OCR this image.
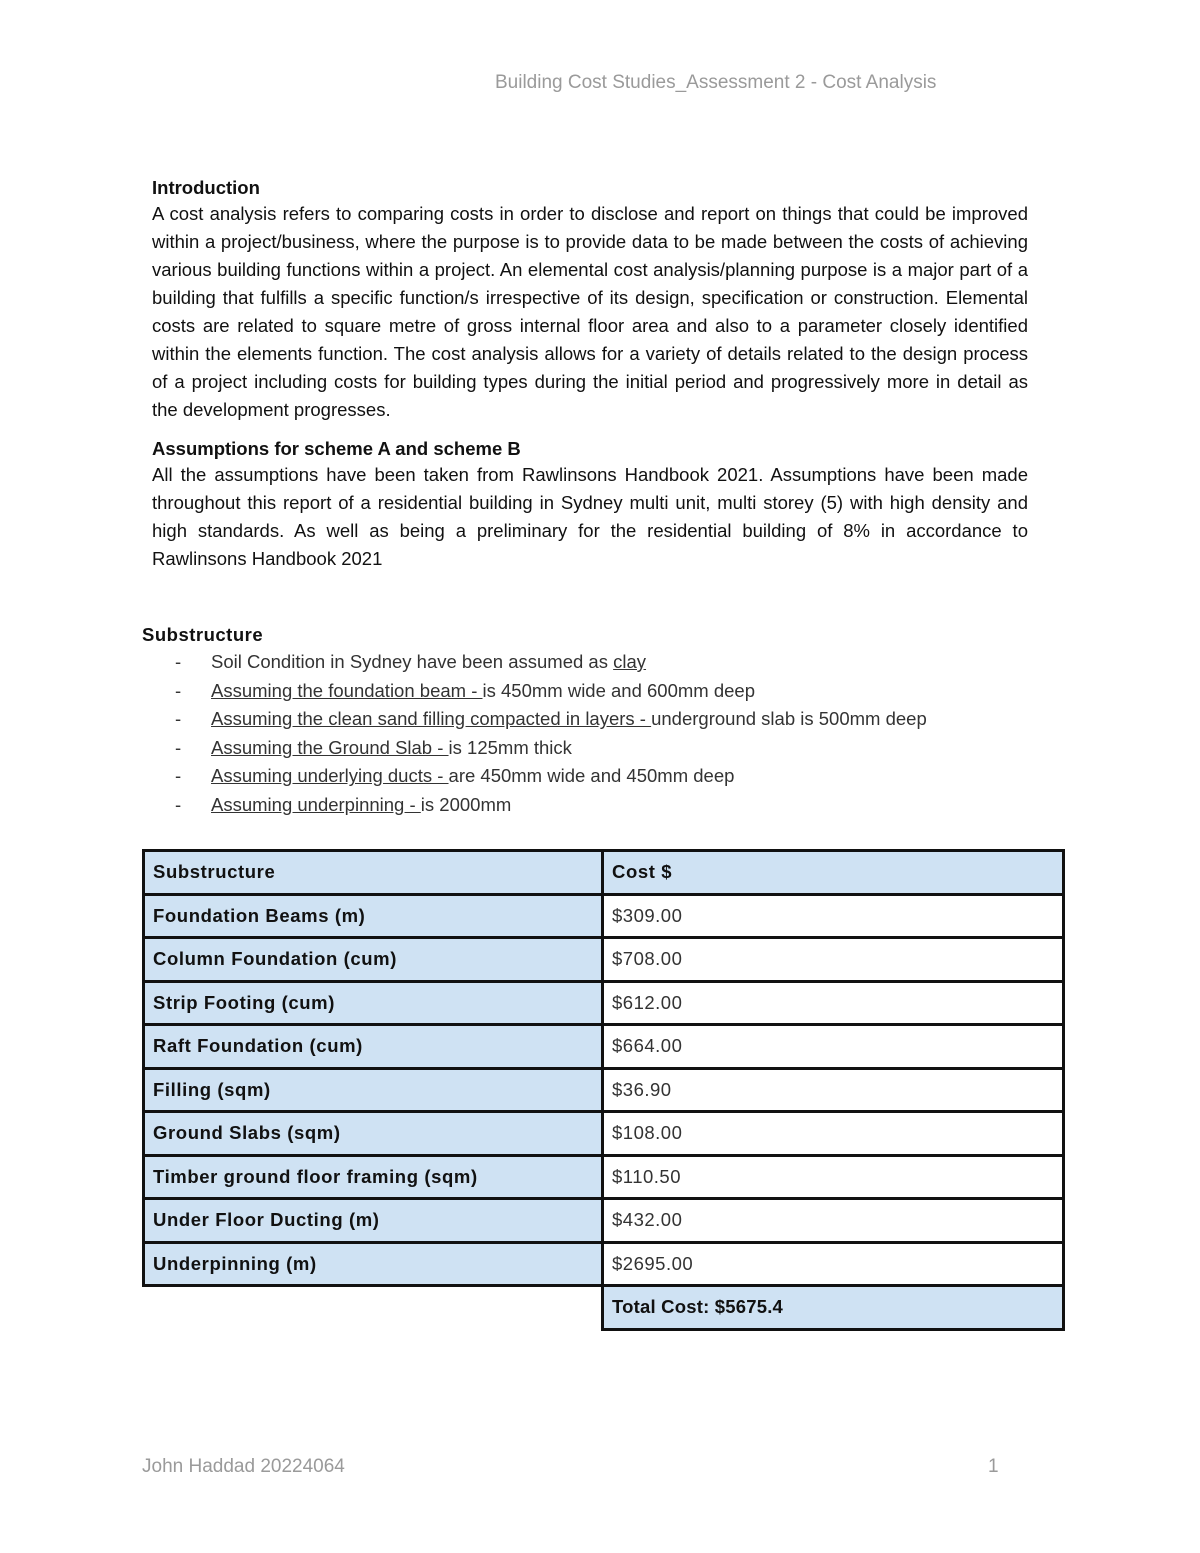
Building Cost Studies_Assessment 2 - Cost Analysis

Introduction

A cost analysis refers to comparing costs in order to disclose and report on things that could be improved within a project/business, where the purpose is to provide data to be made between the costs of achieving various building functions within a project. An elemental cost analysis/planning purpose is a major part of a building that fulfills a specific function/s irrespective of its design, specification or construction. Elemental costs are related to square metre of gross internal floor area and also to a parameter closely identified within the elements function. The cost analysis allows for a variety of details related to the design process of a project including costs for building types during the initial period and progressively more in detail as the development progresses.

Assumptions for scheme A and scheme B

All the assumptions have been taken from Rawlinsons Handbook 2021. Assumptions have been made throughout this report of a residential building in Sydney multi unit, multi storey (5) with high density and high standards. As well as being a preliminary for the residential building of 8% in accordance to Rawlinsons Handbook 2021

Substructure
- Soil Condition in Sydney have been assumed as clay
- Assuming the foundation beam - is 450mm wide and 600mm deep
- Assuming the clean sand filling compacted in layers - underground slab is 500mm deep
- Assuming the Ground Slab - is 125mm thick
- Assuming underlying ducts - are 450mm wide and 450mm deep
- Assuming underpinning - is 2000mm
Substructure	Cost $
Foundation Beams (m)	$309.00
Column Foundation (cum)	$708.00
Strip Footing (cum)	$612.00
Raft Foundation (cum)	$664.00
Filling (sqm)	$36.90
Ground Slabs (sqm)	$108.00
Timber ground floor framing (sqm)	$110.50
Under Floor Ducting (m)	$432.00
Underpinning (m)	$2695.00
	Total Cost: $5675.4
John Haddad 20224064	1
